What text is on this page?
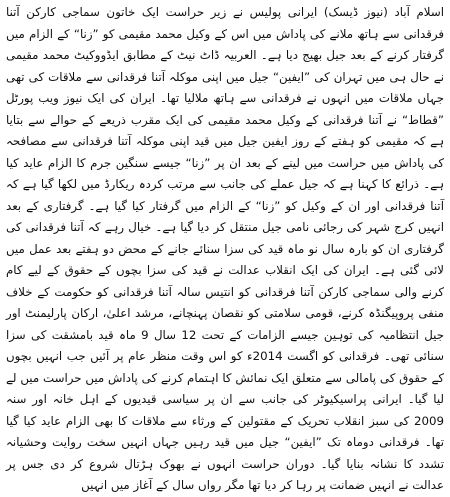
اسلام آباد (نیوز ڈیسک) ایرانی پولیس نے زیر حراست ایک خاتون سماجی کارکن آتنا فرقدانی سے ہاتھ ملانے کی پاداش میں اس کے وکیل محمد مقیمی کو ”زنا“ کے الزام میں گرفتار کرنے کے بعد جیل بھیج دیا ہے۔ العربیہ ڈاٹ نیٹ کے مطابق ایڈووکیٹ محمد مقیمی نے حال ہی میں تہران کی ”ایفین“ جیل میں اپنی موکلہ آتنا فرقدانی سے ملاقات کی تھی جہاں ملاقات میں انہوں نے فرقدانی سے ہاتھ ملالیا تھا۔ ایران کی ایک نیوز ویب پورٹل ”قطاط“ نے آتنا فرقدانی کے وکیل محمد مقیمی کی ایک مقرب ذریعے کے حوالے سے بتایا ہے کہ مقیمی کو ہفتے کے روز ایفین جیل میں قید اپنی موکلہ آتنا فرقدانی سے مصافحہ کی پاداش میں حراست میں لینے کے بعد ان پر ”زنا“ جیسے سنگین جرم کا الزام عاید کیا ہے۔ ذرائع کا کہنا ہے کہ جیل عملے کی جانب سے مرتب کردہ ریکارڈ میں لکھا گیا ہے کہ آتنا فرقدانی اور ان کے وکیل کو ”زنا“ کے الزام میں گرفتار کیا گیا ہے۔ گرفتاری کے بعد انہیں کرج شہر کی رجائی نامی جیل منتقل کر دیا گیا ہے۔ خیال رہے کہ آتنا فرقدانی کی گرفتاری ان کو بارہ سال نو ماہ قید کی سزا سنائے جانے کے محض دو ہفتے بعد عمل میں لائی گئی ہے۔ ایران کی ایک انقلاب عدالت نے قید کی سزا بچوں کے حقوق کے لیے کام کرنے والی سماجی کارکن آتنا فرقدانی کو انتیس سالہ آتنا فرقدانی کو حکومت کے خلاف منفی پروپیگنڈہ کرنے، قومی سلامتی کو نقصان پہنچانے، مرشد اعلیٰ، ارکان پارلیمنٹ اور جیل انتظامیہ کی توہین جیسے الزامات کے تحت 12 سال 9 ماہ قید بامشقت کی سزا سنائی تھی۔ فرقدانی کو اگست 2014ء کو اس وقت منظر عام پر آئیں جب انہیں بچوں کے حقوق کی پامالی سے متعلق ایک نمائش کا اہتمام کرنے کی پاداش میں حراست میں لے لیا گیا۔ ایرانی پراسیکیوٹر کی جانب سے ان پر سیاسی قیدیوں کے اہل خانہ اور سنہ 2009 کی سبز انقلاب تحریک کے مقتولین کے ورثاء سے ملاقات کا بھی الزام عاید کیا گیا تھا۔ فرقدانی دوماہ تک ”ایفین“ جیل میں قید رہیں جہاں انہیں سخت روایت وحشیانہ تشدد کا نشانہ بنایا گیا۔ دوران حراست انہوں نے بھوک ہڑتال شروع کر دی جس پر عدالت نے انہیں ضمانت پر رہا کر دیا تھا مگر رواں سال کے آغاز میں انہیں
